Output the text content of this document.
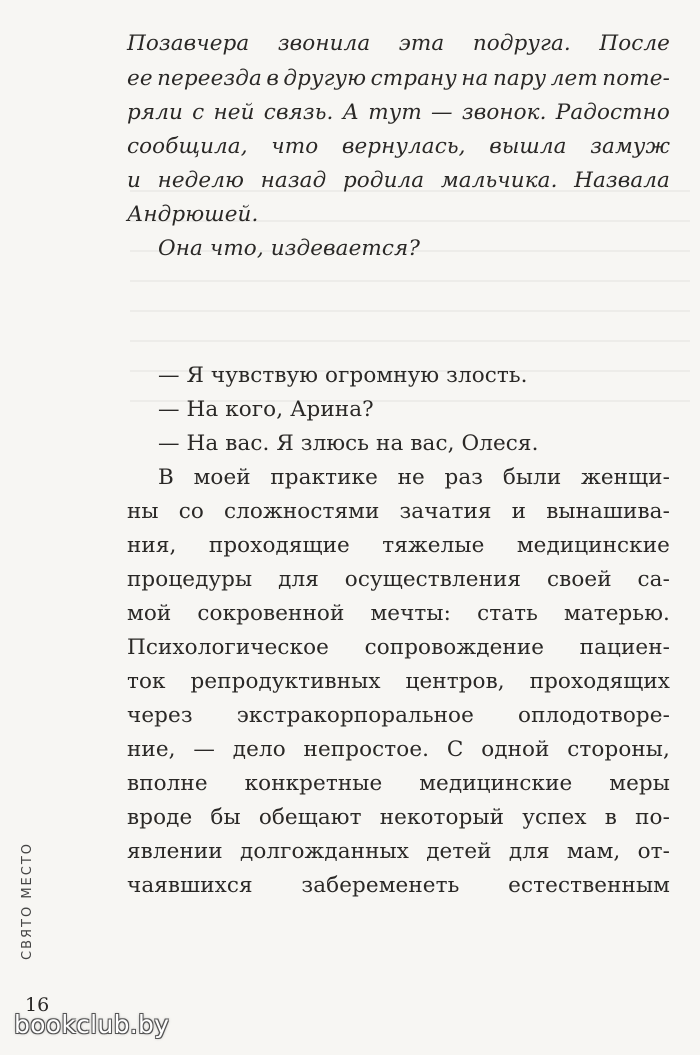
Позавчера звонила эта подруга. После
ее переезда в другую страну на пару лет поте-
ряли с ней связь. А тут — звонок. Радостно
сообщила, что вернулась, вышла замуж
и неделю назад родила мальчика. Назвала
Андрюшей.
Она что, издевается?
— Я чувствую огромную злость.
— На кого, Арина?
— На вас. Я злюсь на вас, Олеся.
В моей практике не раз были женщи-
ны со сложностями зачатия и вынашива-
ния, проходящие тяжелые медицинские
процедуры для осуществления своей са-
мой сокровенной мечты: стать матерью.
Психологическое сопровождение пациен-
ток репродуктивных центров, проходящих
через экстракорпоральное оплодотворе-
ние, — дело непростое. С одной стороны,
вполне конкретные медицинские меры
вроде бы обещают некоторый успех в по-
явлении долгожданных детей для мам, от-
чаявшихся забеременеть естественным
СВЯТО МЕСТО
16
bookclub.by
